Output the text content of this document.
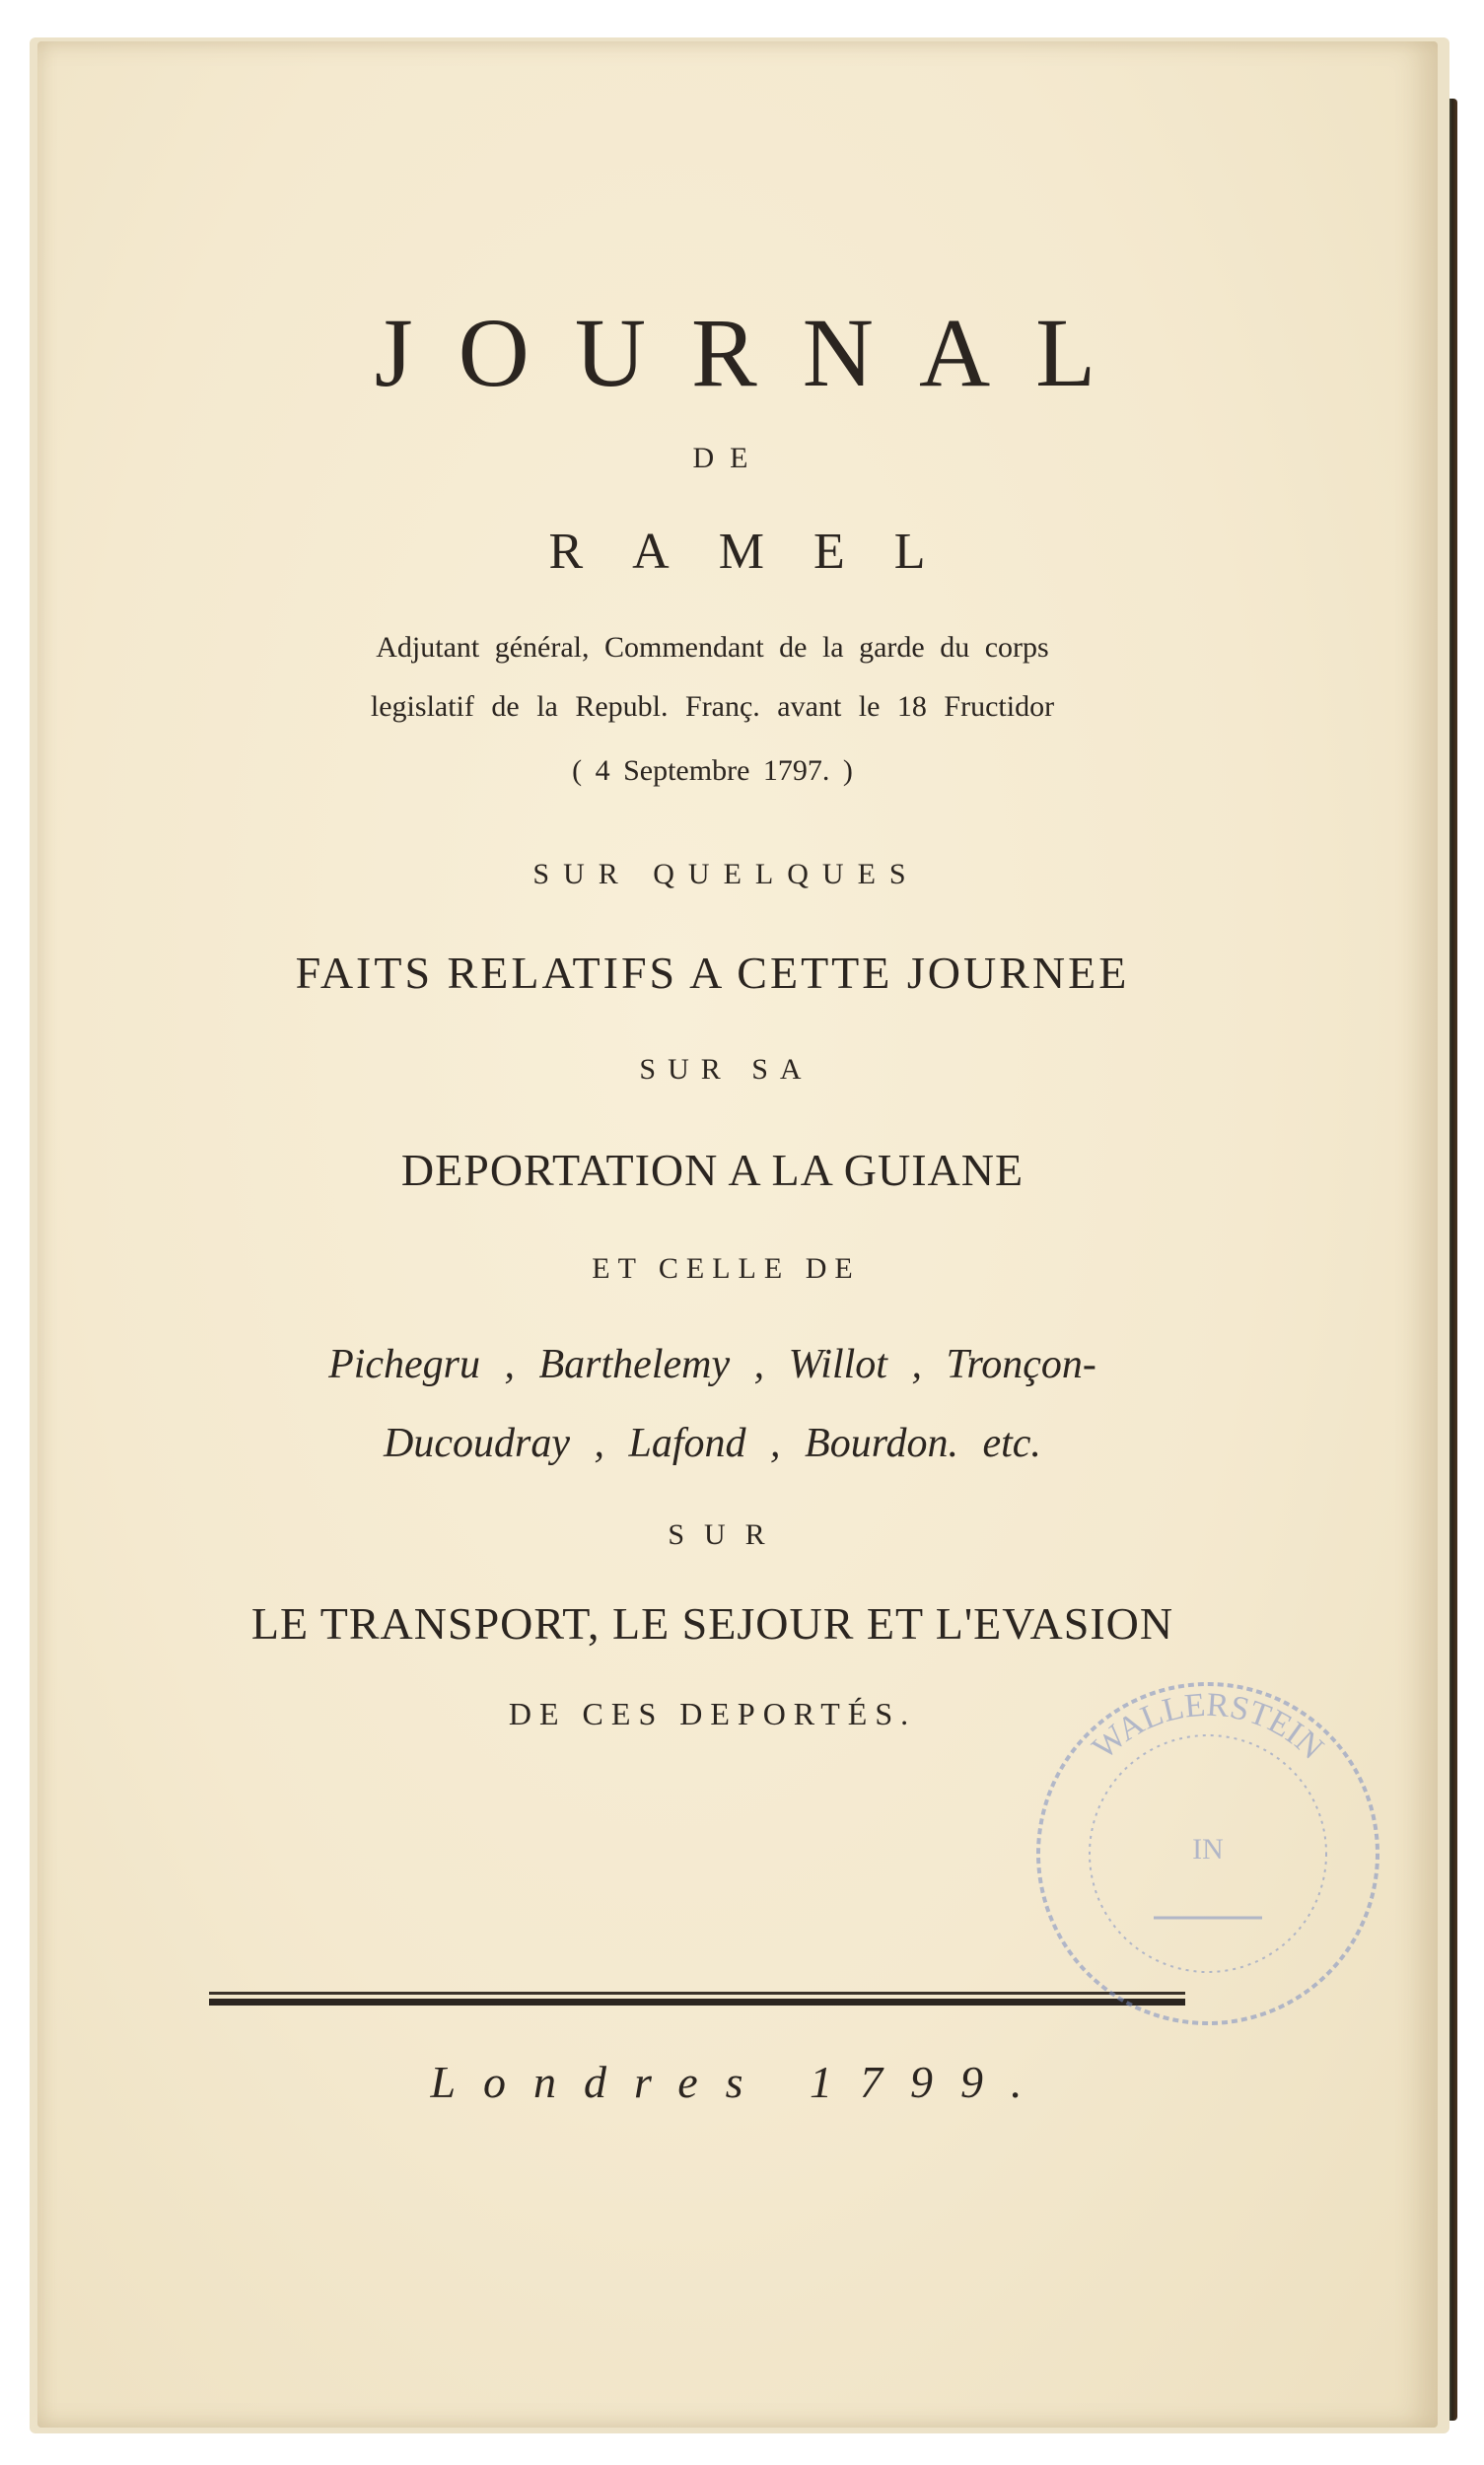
JOURNAL
DE
RAMEL
Adjutant général, Commendant de la garde du corps
legislatif de la Republ. Franç. avant le 18 Fructidor
( 4 Septembre 1797. )
SUR QUELQUES
FAITS RELATIFS A CETTE JOURNEE
SUR SA
DEPORTATION A LA GUIANE
ET CELLE DE
Pichegru , Barthelemy , Willot , Tronçon-
Ducoudray , Lafond , Bourdon. etc.
SUR
LE TRANSPORT, LE SEJOUR ET L'EVASION
DE CES DEPORTÉS.
WALLERSTEIN
IN
Londres 1799.
